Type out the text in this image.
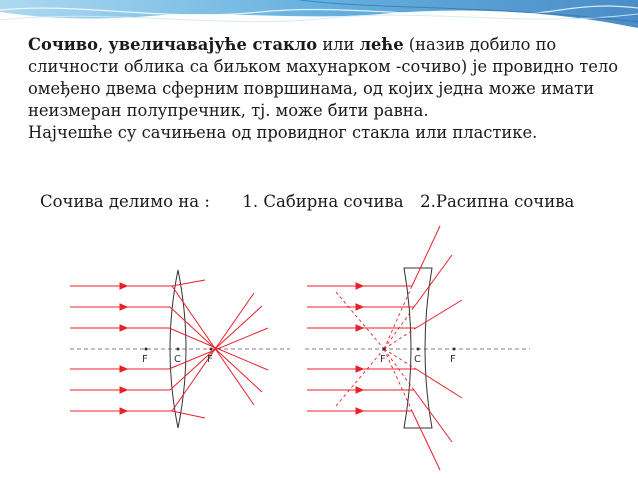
Сочиво, увеличавајуће стакло или леће (назив добило по сличности облика са биљком махунарком -сочиво) је провидно тело омеђено двема сферним површинама, од којих једна може имати неизмеран полупречник, тј. може бити равна.
Најчешће су сачињена од провидног стакла или пластике.
Сочива делимо на : 1. Сабирна сочива 2.Расипна сочива
F	C	F	F	C	F
